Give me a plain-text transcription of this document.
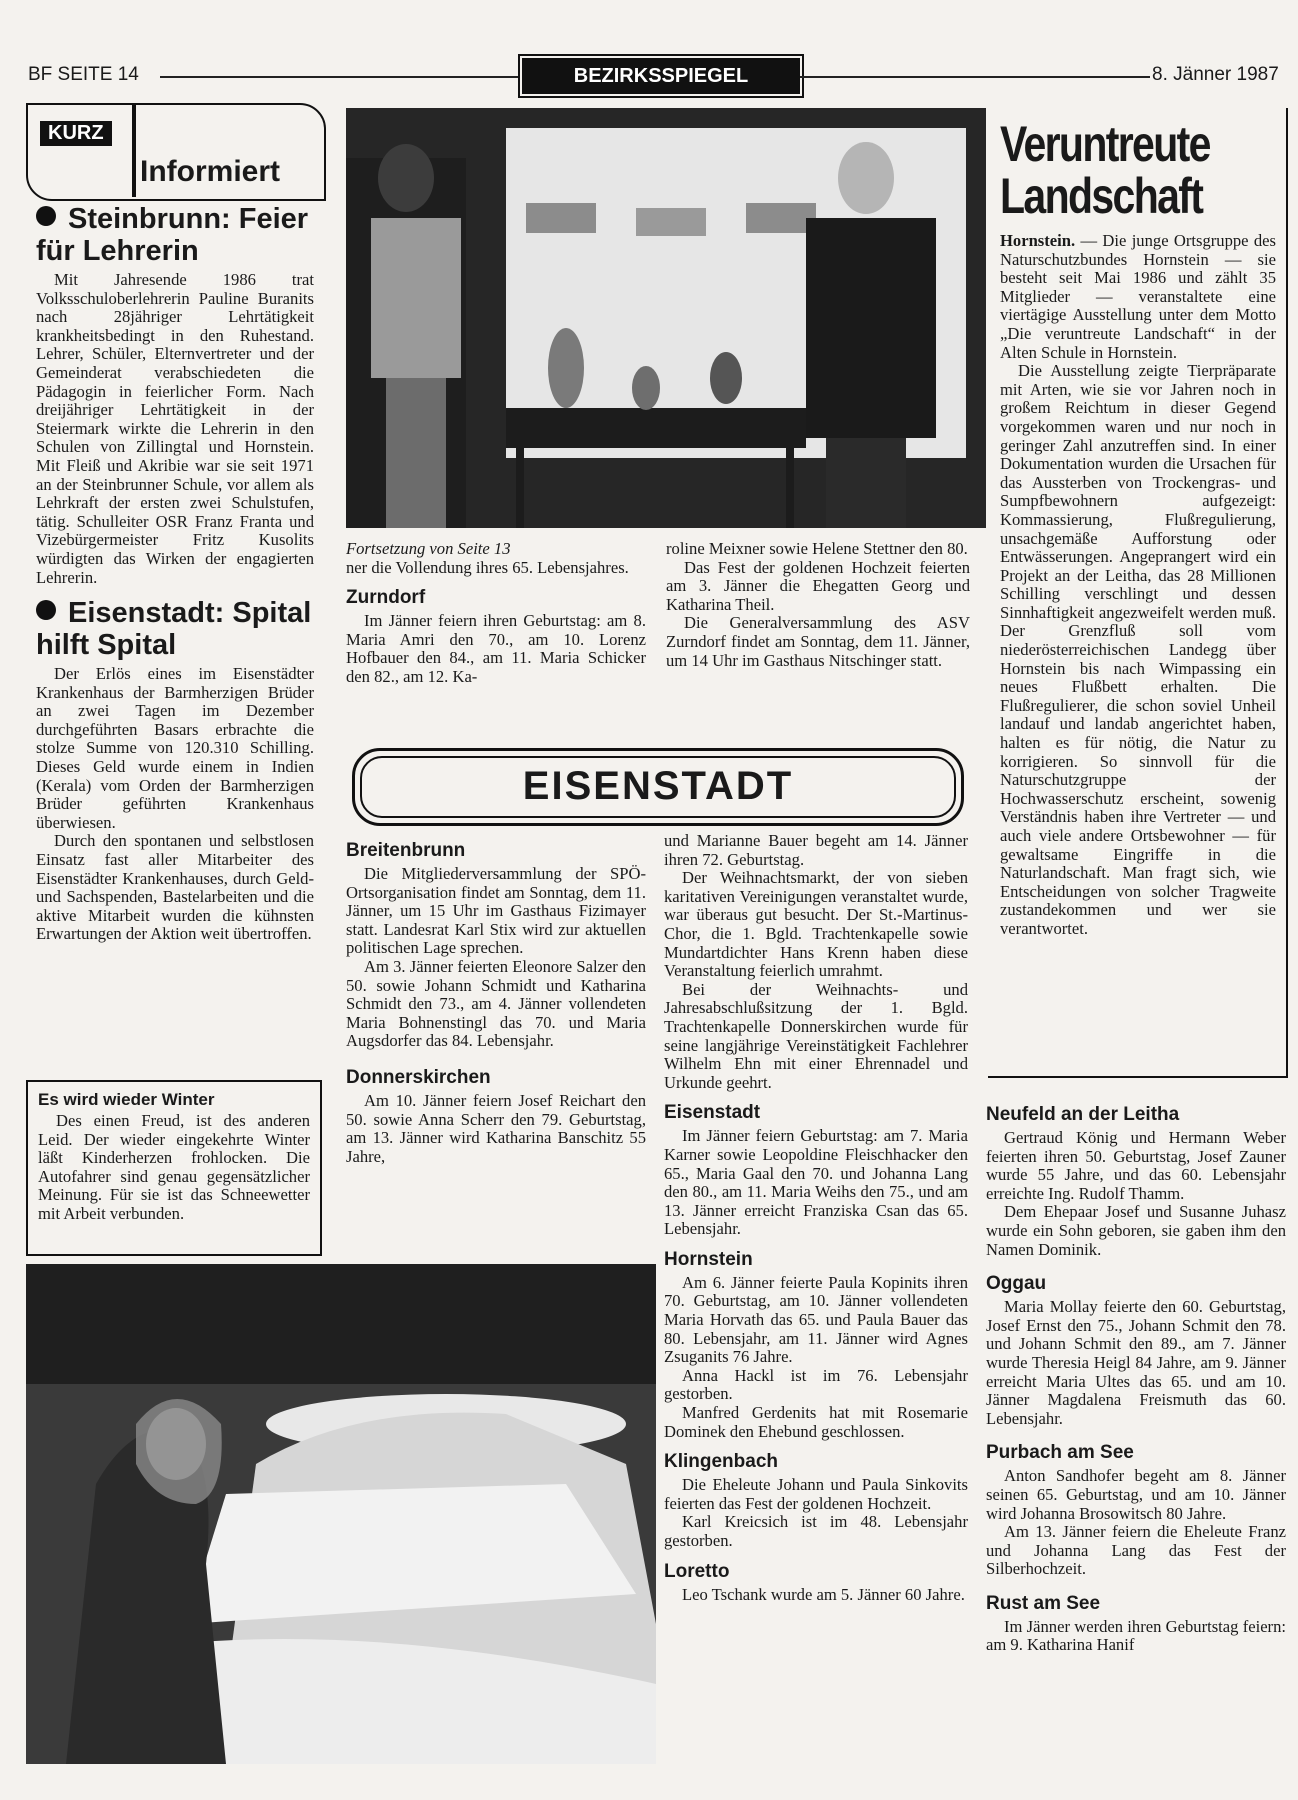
BF SEITE 14	BEZIRKSSPIEGEL	8. Jänner 1987
KURZ
Informiert
Steinbrunn: Feier für Lehrerin

Mit Jahresende 1986 trat Volksschuloberlehrerin Pauline Buranits nach 28jähriger Lehrtätigkeit krankheitsbedingt in den Ruhestand. Lehrer, Schüler, Elternvertreter und der Gemeinderat verabschiedeten die Pädagogin in feierlicher Form. Nach dreijähriger Lehrtätigkeit in der Steiermark wirkte die Lehrerin in den Schulen von Zillingtal und Hornstein. Mit Fleiß und Akribie war sie seit 1971 an der Steinbrunner Schule, vor allem als Lehrkraft der ersten zwei Schulstufen, tätig. Schulleiter OSR Franz Franta und Vizebürgermeister Fritz Kusolits würdigten das Wirken der engagierten Lehrerin.

Eisenstadt: Spital hilft Spital

Der Erlös eines im Eisenstädter Krankenhaus der Barmherzigen Brüder an zwei Tagen im Dezember durchgeführten Basars erbrachte die stolze Summe von 120.310 Schilling. Dieses Geld wurde einem in Indien (Kerala) vom Orden der Barmherzigen Brüder geführten Krankenhaus überwiesen.

Durch den spontanen und selbstlosen Einsatz fast aller Mitarbeiter des Eisenstädter Krankenhauses, durch Geld- und Sachspenden, Bastelarbeiten und die aktive Mitarbeit wurden die kühnsten Erwartungen der Aktion weit übertroffen.

Es wird wieder Winter

Des einen Freud, ist des anderen Leid. Der wieder eingekehrte Winter läßt Kinderherzen frohlocken. Die Autofahrer sind genau gegensätzlicher Meinung. Für sie ist das Schneewetter mit Arbeit verbunden.

Fortsetzung von Seite 13

ner die Vollendung ihres 65. Lebensjahres.

Zurndorf

Im Jänner feiern ihren Geburtstag: am 8. Maria Amri den 70., am 10. Lorenz Hofbauer den 84., am 11. Maria Schicker den 82., am 12. Ka-

roline Meixner sowie Helene Stettner den 80.

Das Fest der goldenen Hochzeit feierten am 3. Jänner die Ehegatten Georg und Katharina Theil.

Die Generalversammlung des ASV Zurndorf findet am Sonntag, dem 11. Jänner, um 14 Uhr im Gasthaus Nitschinger statt.

EISENSTADT
Breitenbrunn

Die Mitgliederversammlung der SPÖ-Ortsorganisation findet am Sonntag, dem 11. Jänner, um 15 Uhr im Gasthaus Fizimayer statt. Landesrat Karl Stix wird zur aktuellen politischen Lage sprechen.

Am 3. Jänner feierten Eleonore Salzer den 50. sowie Johann Schmidt und Katharina Schmidt den 73., am 4. Jänner vollendeten Maria Bohnenstingl das 70. und Maria Augsdorfer das 84. Lebensjahr.

Donnerskirchen

Am 10. Jänner feiern Josef Reichart den 50. sowie Anna Scherr den 79. Geburtstag, am 13. Jänner wird Katharina Banschitz 55 Jahre,

und Marianne Bauer begeht am 14. Jänner ihren 72. Geburtstag.

Der Weihnachtsmarkt, der von sieben karitativen Vereinigungen veranstaltet wurde, war überaus gut besucht. Der St.-Martinus-Chor, die 1. Bgld. Trachtenkapelle sowie Mundartdichter Hans Krenn haben diese Veranstaltung feierlich umrahmt.

Bei der Weihnachts- und Jahresabschlußsitzung der 1. Bgld. Trachtenkapelle Donnerskirchen wurde für seine langjährige Vereinstätigkeit Fachlehrer Wilhelm Ehn mit einer Ehrennadel und Urkunde geehrt.

Eisenstadt

Im Jänner feiern Geburtstag: am 7. Maria Karner sowie Leopoldine Fleischhacker den 65., Maria Gaal den 70. und Johanna Lang den 80., am 11. Maria Weihs den 75., und am 13. Jänner erreicht Franziska Csan das 65. Lebensjahr.

Hornstein

Am 6. Jänner feierte Paula Kopinits ihren 70. Geburtstag, am 10. Jänner vollendeten Maria Horvath das 65. und Paula Bauer das 80. Lebensjahr, am 11. Jänner wird Agnes Zsuganits 76 Jahre.

Anna Hackl ist im 76. Lebensjahr gestorben.

Manfred Gerdenits hat mit Rosemarie Dominek den Ehebund geschlossen.

Klingenbach

Die Eheleute Johann und Paula Sinkovits feierten das Fest der goldenen Hochzeit.

Karl Kreicsich ist im 48. Lebensjahr gestorben.

Loretto

Leo Tschank wurde am 5. Jänner 60 Jahre.

Veruntreute
Landschaft

Hornstein. — Die junge Ortsgruppe des Naturschutzbundes Hornstein — sie besteht seit Mai 1986 und zählt 35 Mitglieder — veranstaltete eine viertägige Ausstellung unter dem Motto „Die veruntreute Landschaft“ in der Alten Schule in Hornstein.

Die Ausstellung zeigte Tierpräparate mit Arten, wie sie vor Jahren noch in großem Reichtum in dieser Gegend vorgekommen waren und nur noch in geringer Zahl anzutreffen sind. In einer Dokumentation wurden die Ursachen für das Aussterben von Trockengras- und Sumpfbewohnern aufgezeigt: Kommassierung, Flußregulierung, unsachgemäße Aufforstung oder Entwässerungen. Angeprangert wird ein Projekt an der Leitha, das 28 Millionen Schilling verschlingt und dessen Sinnhaftigkeit angezweifelt werden muß. Der Grenzfluß soll vom niederösterreichischen Landegg über Hornstein bis nach Wimpassing ein neues Flußbett erhalten. Die Flußregulierer, die schon soviel Unheil landauf und landab angerichtet haben, halten es für nötig, die Natur zu korrigieren. So sinnvoll für die Naturschutzgruppe der Hochwasserschutz erscheint, sowenig Verständnis haben ihre Vertreter — und auch viele andere Ortsbewohner — für gewaltsame Eingriffe in die Naturlandschaft. Man fragt sich, wie Entscheidungen von solcher Tragweite zustandekommen und wer sie verantwortet.

Neufeld an der Leitha

Gertraud König und Hermann Weber feierten ihren 50. Geburtstag, Josef Zauner wurde 55 Jahre, und das 60. Lebensjahr erreichte Ing. Rudolf Thamm.

Dem Ehepaar Josef und Susanne Juhasz wurde ein Sohn geboren, sie gaben ihm den Namen Dominik.

Oggau

Maria Mollay feierte den 60. Geburtstag, Josef Ernst den 75., Johann Schmit den 78. und Johann Schmit den 89., am 7. Jänner wurde Theresia Heigl 84 Jahre, am 9. Jänner erreicht Maria Ultes das 65. und am 10. Jänner Magdalena Freismuth das 60. Lebensjahr.

Purbach am See

Anton Sandhofer begeht am 8. Jänner seinen 65. Geburtstag, und am 10. Jänner wird Johanna Brosowitsch 80 Jahre.

Am 13. Jänner feiern die Eheleute Franz und Johanna Lang das Fest der Silberhochzeit.

Rust am See

Im Jänner werden ihren Geburtstag feiern: am 9. Katharina Hanif
